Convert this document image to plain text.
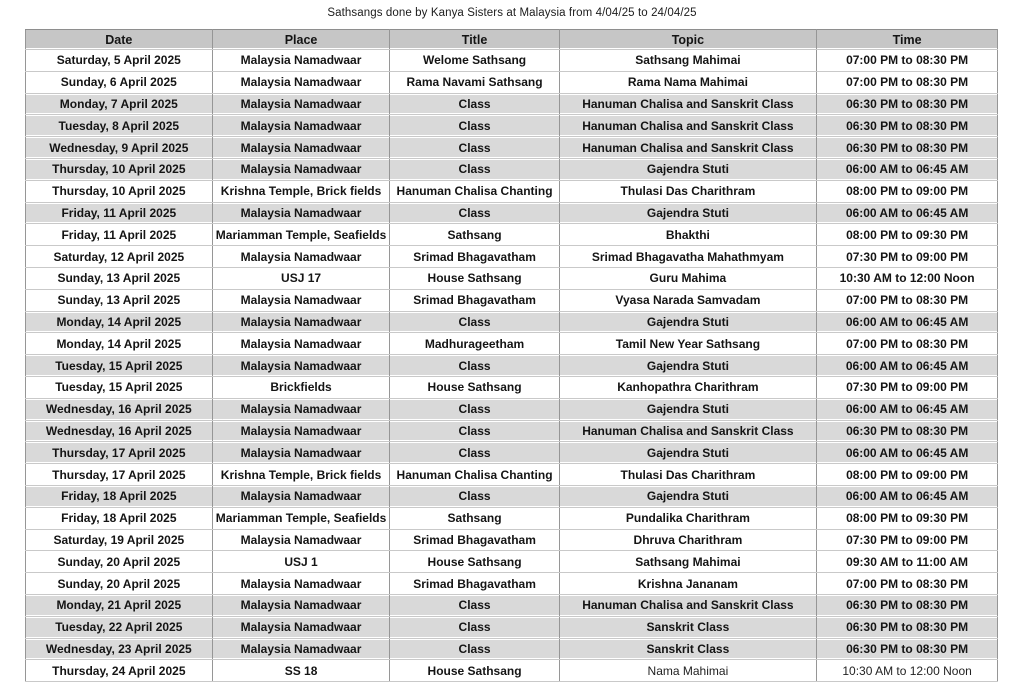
Sathsangs done by Kanya Sisters at Malaysia from 4/04/25 to 24/04/25
Date	Place	Title	Topic	Time
Saturday, 5 April 2025	Malaysia Namadwaar	Welome Sathsang	Sathsang Mahimai	07:00 PM to 08:30 PM
Sunday, 6 April 2025	Malaysia Namadwaar	Rama Navami Sathsang	Rama Nama Mahimai	07:00 PM to 08:30 PM
Monday, 7 April 2025	Malaysia Namadwaar	Class	Hanuman Chalisa and Sanskrit Class	06:30 PM to 08:30 PM
Tuesday, 8 April 2025	Malaysia Namadwaar	Class	Hanuman Chalisa and Sanskrit Class	06:30 PM to 08:30 PM
Wednesday, 9 April 2025	Malaysia Namadwaar	Class	Hanuman Chalisa and Sanskrit Class	06:30 PM to 08:30 PM
Thursday, 10 April 2025	Malaysia Namadwaar	Class	Gajendra Stuti	06:00 AM to 06:45 AM
Thursday, 10 April 2025	Krishna Temple, Brick fields	Hanuman Chalisa Chanting	Thulasi Das Charithram	08:00 PM to 09:00 PM
Friday, 11 April 2025	Malaysia Namadwaar	Class	Gajendra Stuti	06:00 AM to 06:45 AM
Friday, 11 April 2025	Mariamman Temple, Seafields	Sathsang	Bhakthi	08:00 PM to 09:30 PM
Saturday, 12 April 2025	Malaysia Namadwaar	Srimad Bhagavatham	Srimad Bhagavatha Mahathmyam	07:30 PM to 09:00 PM
Sunday, 13 April 2025	USJ 17	House Sathsang	Guru Mahima	10:30 AM to 12:00 Noon
Sunday, 13 April 2025	Malaysia Namadwaar	Srimad Bhagavatham	Vyasa Narada Samvadam	07:00 PM to 08:30 PM
Monday, 14 April 2025	Malaysia Namadwaar	Class	Gajendra Stuti	06:00 AM to 06:45 AM
Monday, 14 April 2025	Malaysia Namadwaar	Madhurageetham	Tamil New Year Sathsang	07:00 PM to 08:30 PM
Tuesday, 15 April 2025	Malaysia Namadwaar	Class	Gajendra Stuti	06:00 AM to 06:45 AM
Tuesday, 15 April 2025	Brickfields	House Sathsang	Kanhopathra Charithram	07:30 PM to 09:00 PM
Wednesday, 16 April 2025	Malaysia Namadwaar	Class	Gajendra Stuti	06:00 AM to 06:45 AM
Wednesday, 16 April 2025	Malaysia Namadwaar	Class	Hanuman Chalisa and Sanskrit Class	06:30 PM to 08:30 PM
Thursday, 17 April 2025	Malaysia Namadwaar	Class	Gajendra Stuti	06:00 AM to 06:45 AM
Thursday, 17 April 2025	Krishna Temple, Brick fields	Hanuman Chalisa Chanting	Thulasi Das Charithram	08:00 PM to 09:00 PM
Friday, 18 April 2025	Malaysia Namadwaar	Class	Gajendra Stuti	06:00 AM to 06:45 AM
Friday, 18 April 2025	Mariamman Temple, Seafields	Sathsang	Pundalika Charithram	08:00 PM to 09:30 PM
Saturday, 19 April 2025	Malaysia Namadwaar	Srimad Bhagavatham	Dhruva Charithram	07:30 PM to 09:00 PM
Sunday, 20 April 2025	USJ 1	House Sathsang	Sathsang Mahimai	09:30 AM to 11:00 AM
Sunday, 20 April 2025	Malaysia Namadwaar	Srimad Bhagavatham	Krishna Jananam	07:00 PM to 08:30 PM
Monday, 21 April 2025	Malaysia Namadwaar	Class	Hanuman Chalisa and Sanskrit Class	06:30 PM to 08:30 PM
Tuesday, 22 April 2025	Malaysia Namadwaar	Class	Sanskrit Class	06:30 PM to 08:30 PM
Wednesday, 23 April 2025	Malaysia Namadwaar	Class	Sanskrit Class	06:30 PM to 08:30 PM
Thursday, 24 April 2025	SS 18	House Sathsang	Nama Mahimai	10:30 AM to 12:00 Noon
